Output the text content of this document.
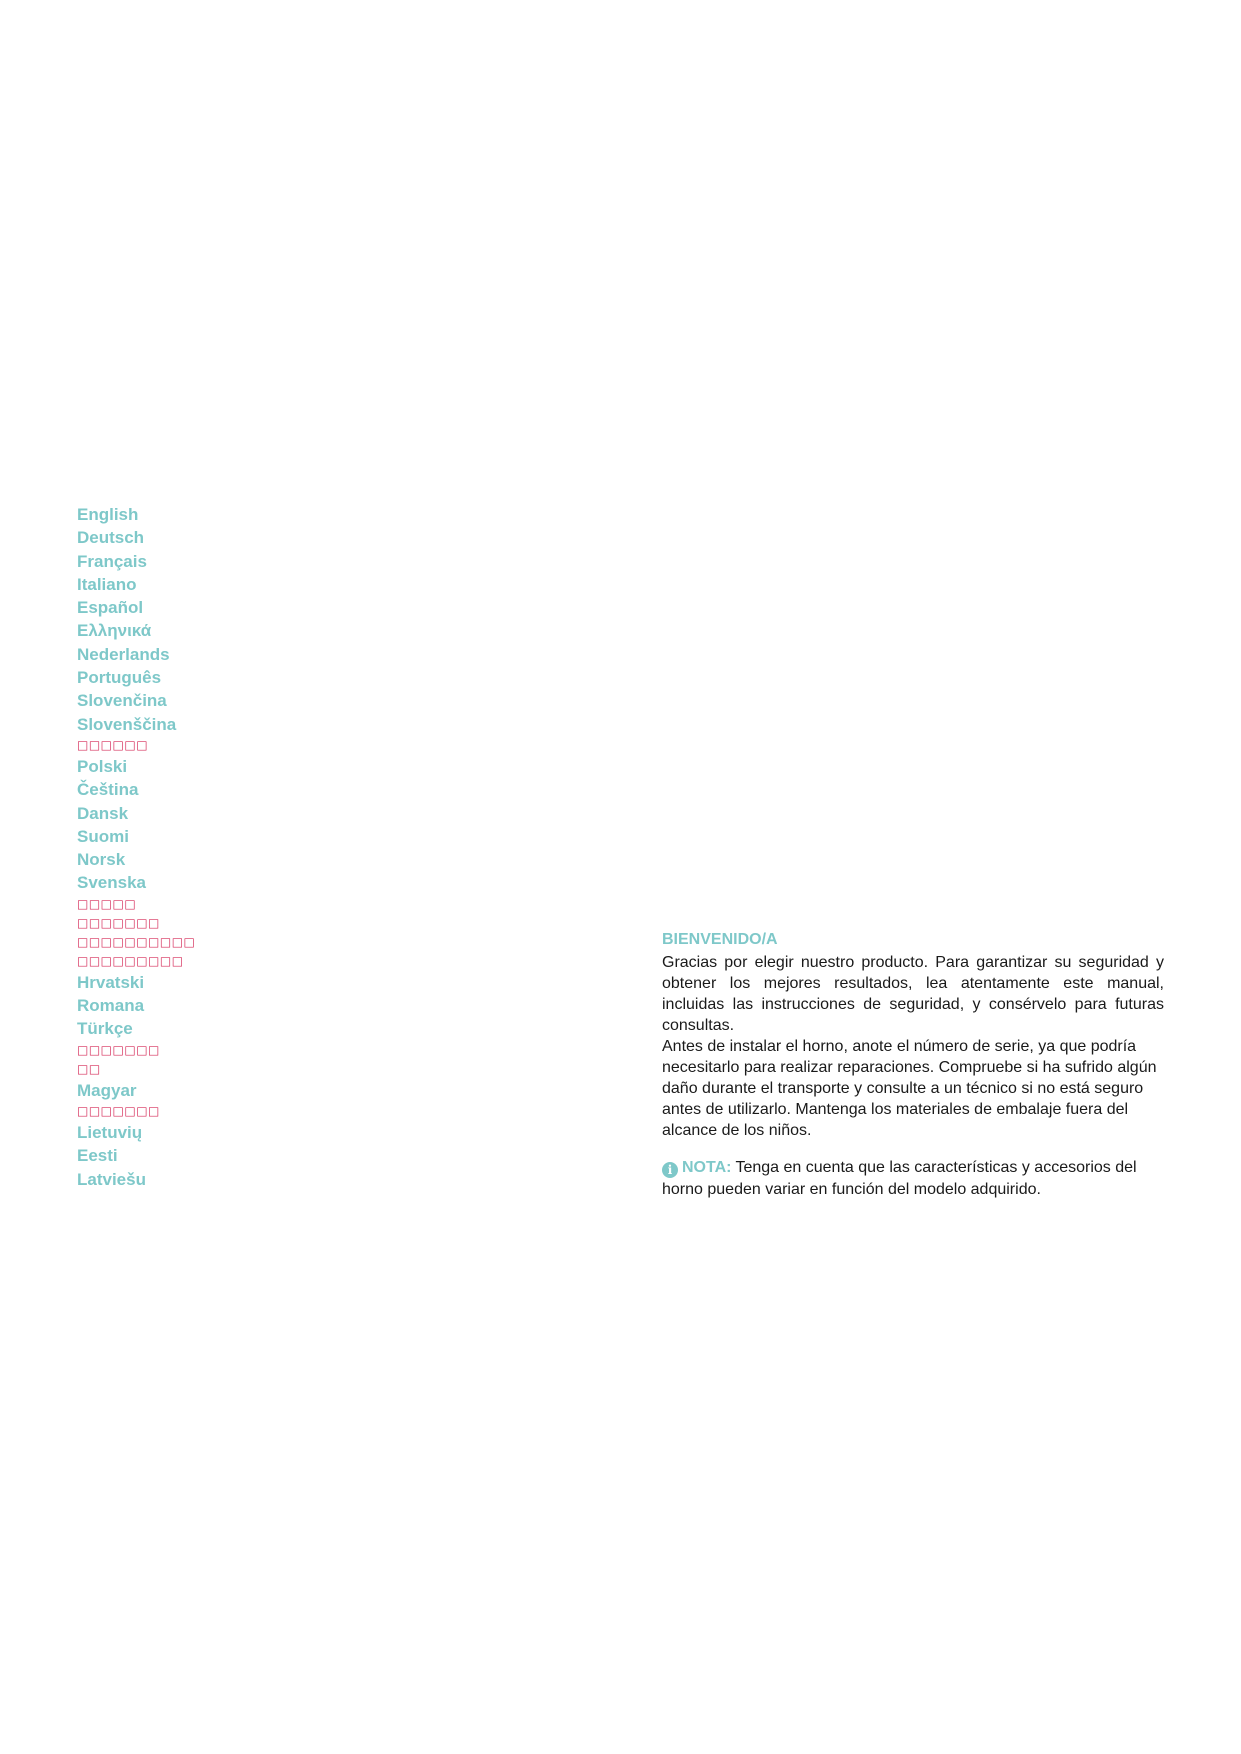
English
Deutsch
Français
Italiano
Español
Ελληνικά
Nederlands
Português
Slovenčina
Slovenščina
□□□□□□
Polski
Čeština
Dansk
Suomi
Norsk
Svenska
□□□□□
□□□□□□□
□□□□□□□□□□
□□□□□□□□□
Hrvatski
Romana
Türkçe
□□□□□□□
□□
Magyar
□□□□□□□
Lietuvių
Eesti
Latviešu
BIENVENIDO/A

Gracias por elegir nuestro producto. Para garantizar su seguridad y obtener los mejores resultados, lea atentamente este manual, incluidas las instrucciones de seguridad, y consérvelo para futuras consultas.

Antes de instalar el horno, anote el número de serie, ya que podría necesitarlo para realizar reparaciones. Compruebe si ha sufrido algún daño durante el transporte y consulte a un técnico si no está seguro antes de utilizarlo. Mantenga los materiales de embalaje fuera del alcance de los niños.

i NOTA: Tenga en cuenta que las características y accesorios del horno pueden variar en función del modelo adquirido.
